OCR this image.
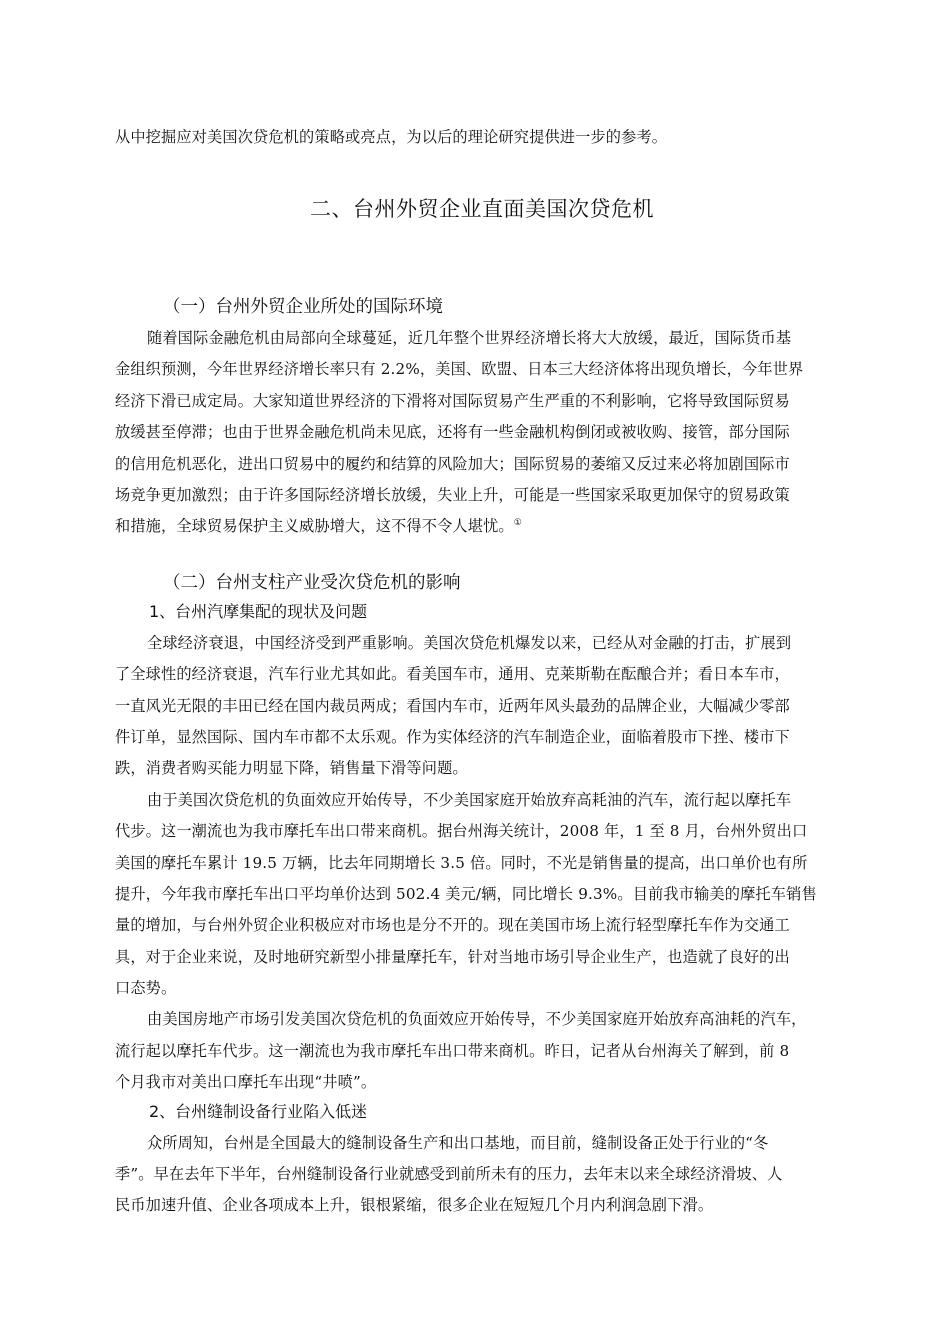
从中挖掘应对美国次贷危机的策略或亮点，为以后的理论研究提供进一步的参考。
二、台州外贸企业直面美国次贷危机
（一）台州外贸企业所处的国际环境
随着国际金融危机由局部向全球蔓延，近几年整个世界经济增长将大大放缓，最近，国际货币基
金组织预测，今年世界经济增长率只有 2.2%，美国、欧盟、日本三大经济体将出现负增长，今年世界
经济下滑已成定局。大家知道世界经济的下滑将对国际贸易产生严重的不利影响，它将导致国际贸易
放缓甚至停滞；也由于世界金融危机尚未见底，还将有一些金融机构倒闭或被收购、接管，部分国际
的信用危机恶化，进出口贸易中的履约和结算的风险加大；国际贸易的萎缩又反过来必将加剧国际市
场竞争更加激烈；由于许多国际经济增长放缓，失业上升，可能是一些国家采取更加保守的贸易政策
和措施，全球贸易保护主义威胁增大，这不得不令人堪忧。①
（二）台州支柱产业受次贷危机的影响
1、台州汽摩集配的现状及问题
全球经济衰退，中国经济受到严重影响。美国次贷危机爆发以来，已经从对金融的打击，扩展到
了全球性的经济衰退，汽车行业尤其如此。看美国车市，通用、克莱斯勒在酝酿合并；看日本车市，
一直风光无限的丰田已经在国内裁员两成；看国内车市，近两年风头最劲的品牌企业，大幅减少零部
件订单，显然国际、国内车市都不太乐观。作为实体经济的汽车制造企业，面临着股市下挫、楼市下
跌，消费者购买能力明显下降，销售量下滑等问题。
由于美国次贷危机的负面效应开始传导，不少美国家庭开始放弃高耗油的汽车，流行起以摩托车
代步。这一潮流也为我市摩托车出口带来商机。据台州海关统计，2008 年，1 至 8 月，台州外贸出口
美国的摩托车累计 19.5 万辆，比去年同期增长 3.5 倍。同时，不光是销售量的提高，出口单价也有所
提升，今年我市摩托车出口平均单价达到 502.4 美元/辆，同比增长 9.3%。目前我市输美的摩托车销售
量的增加，与台州外贸企业积极应对市场也是分不开的。现在美国市场上流行轻型摩托车作为交通工
具，对于企业来说，及时地研究新型小排量摩托车，针对当地市场引导企业生产，也造就了良好的出
口态势。
由美国房地产市场引发美国次贷危机的负面效应开始传导，不少美国家庭开始放弃高油耗的汽车，
流行起以摩托车代步。这一潮流也为我市摩托车出口带来商机。昨日，记者从台州海关了解到，前 8
个月我市对美出口摩托车出现“井喷”。
2、台州缝制设备行业陷入低迷
众所周知，台州是全国最大的缝制设备生产和出口基地，而目前，缝制设备正处于行业的“冬
季”。早在去年下半年，台州缝制设备行业就感受到前所未有的压力，去年末以来全球经济滑坡、人
民币加速升值、企业各项成本上升，银根紧缩，很多企业在短短几个月内利润急剧下滑。
